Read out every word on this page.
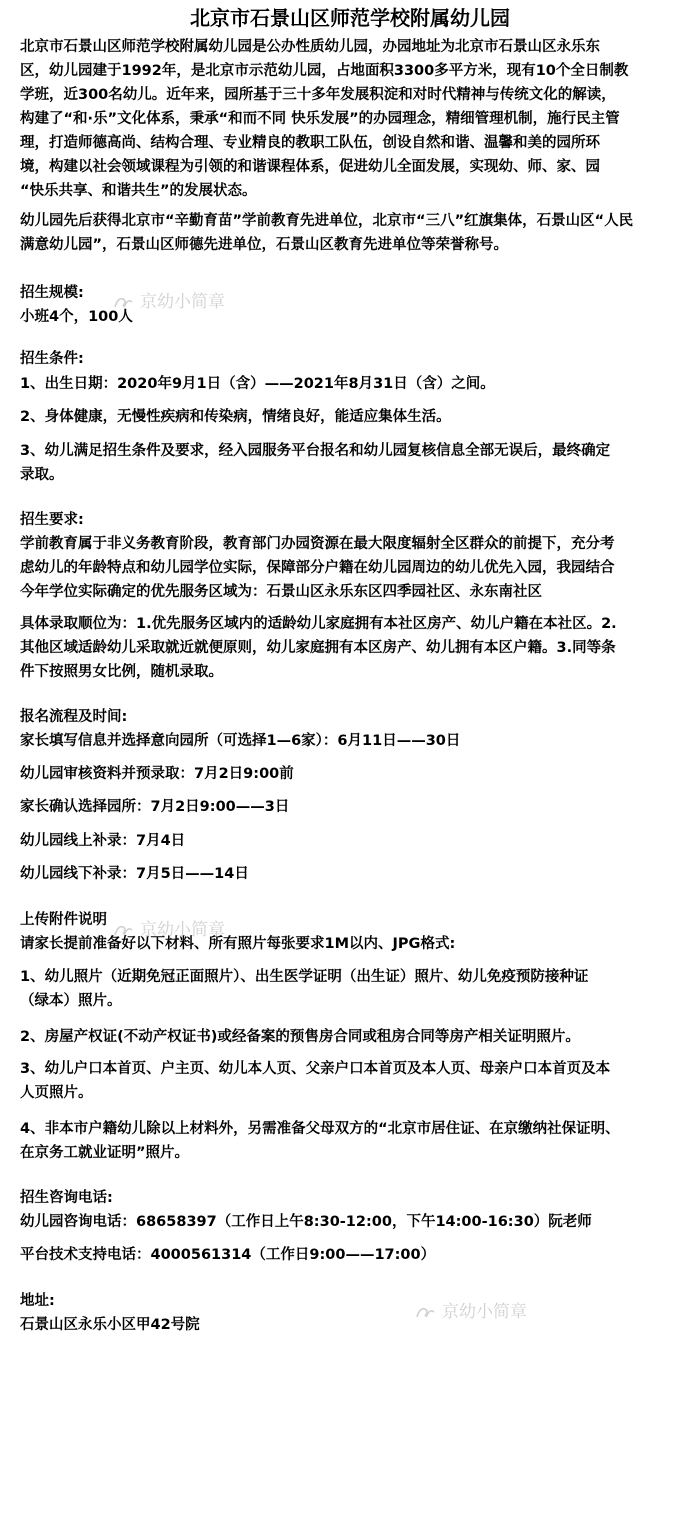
北京市石景山区师范学校附属幼儿园
北京市石景山区师范学校附属幼儿园是公办性质幼儿园，办园地址为北京市石景山区永乐东
区，幼儿园建于1992年，是北京市示范幼儿园，占地面积3300多平方米，现有10个全日制教
学班，近300名幼儿。近年来，园所基于三十多年发展积淀和对时代精神与传统文化的解读，
构建了“和·乐”文化体系，秉承“和而不同 快乐发展”的办园理念，精细管理机制，施行民主管
理，打造师德高尚、结构合理、专业精良的教职工队伍，创设自然和谐、温馨和美的园所环
境，构建以社会领域课程为引领的和谐课程体系，促进幼儿全面发展，实现幼、师、家、园
“快乐共享、和谐共生”的发展状态。
幼儿园先后获得北京市“辛勤育苗”学前教育先进单位，北京市“三八”红旗集体，石景山区“人民
满意幼儿园”，石景山区师德先进单位，石景山区教育先进单位等荣誉称号。
招生规模:
小班4个，100人
招生条件:
1、出生日期：2020年9月1日（含）——2021年8月31日（含）之间。
2、身体健康，无慢性疾病和传染病，情绪良好，能适应集体生活。
3、幼儿满足招生条件及要求，经入园服务平台报名和幼儿园复核信息全部无误后，最终确定
录取。
招生要求:
学前教育属于非义务教育阶段，教育部门办园资源在最大限度辐射全区群众的前提下，充分考
虑幼儿的年龄特点和幼儿园学位实际，保障部分户籍在幼儿园周边的幼儿优先入园，我园结合
今年学位实际确定的优先服务区域为：石景山区永乐东区四季园社区、永东南社区
具体录取顺位为：1.优先服务区域内的适龄幼儿家庭拥有本社区房产、幼儿户籍在本社区。2.
其他区域适龄幼儿采取就近就便原则，幼儿家庭拥有本区房产、幼儿拥有本区户籍。3.同等条
件下按照男女比例，随机录取。
报名流程及时间:
家长填写信息并选择意向园所（可选择1—6家）：6月11日——30日
幼儿园审核资料并预录取：7月2日9:00前
家长确认选择园所：7月2日9:00——3日
幼儿园线上补录：7月4日
幼儿园线下补录：7月5日——14日
上传附件说明
请家长提前准备好以下材料、所有照片每张要求1M以内、JPG格式:
1、幼儿照片（近期免冠正面照片）、出生医学证明（出生证）照片、幼儿免疫预防接种证
（绿本）照片。
2、房屋产权证(不动产权证书)或经备案的预售房合同或租房合同等房产相关证明照片。
3、幼儿户口本首页、户主页、幼儿本人页、父亲户口本首页及本人页、母亲户口本首页及本
人页照片。
4、非本市户籍幼儿除以上材料外，另需准备父母双方的“北京市居住证、在京缴纳社保证明、
在京务工就业证明”照片。
招生咨询电话:
幼儿园咨询电话：68658397（工作日上午8:30-12:00，下午14:00-16:30）阮老师
平台技术支持电话：4000561314（工作日9:00——17:00）
地址:
石景山区永乐小区甲42号院
京幼小简章
京幼小简章
京幼小简章
